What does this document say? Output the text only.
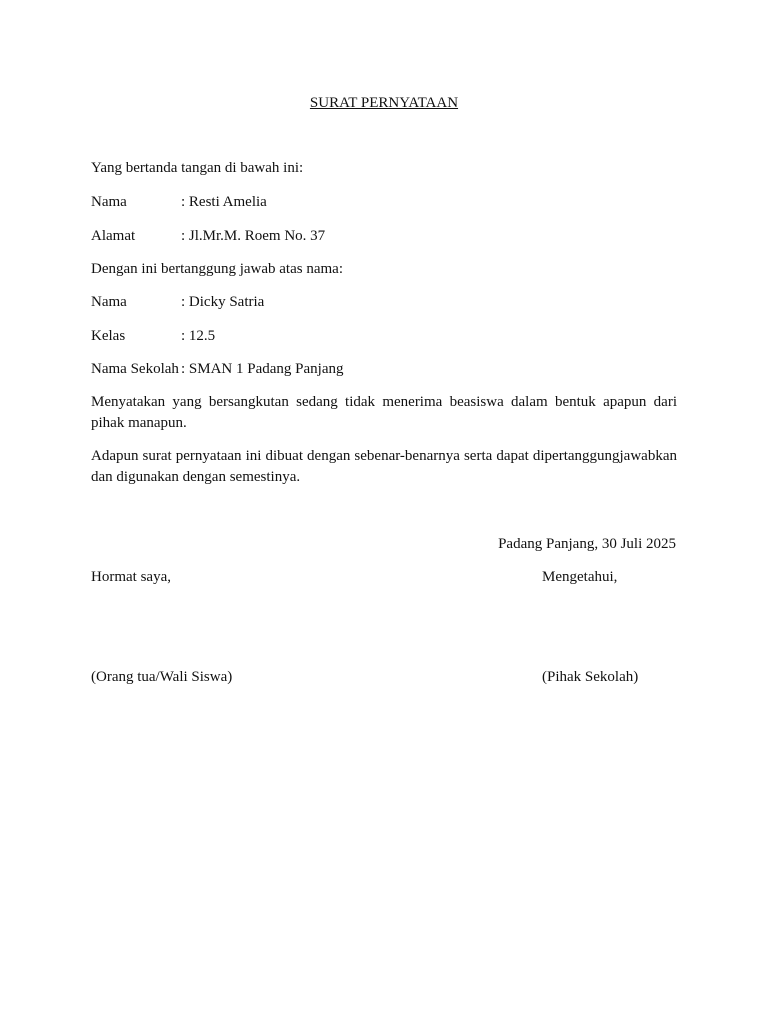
SURAT PERNYATAAN
Yang bertanda tangan di bawah ini:
Nama	: Resti Amelia
Alamat	: Jl.Mr.M. Roem No. 37
Dengan ini bertanggung jawab atas nama:
Nama	: Dicky Satria
Kelas	: 12.5
Nama Sekolah : SMAN 1 Padang Panjang
Menyatakan yang bersangkutan sedang tidak menerima beasiswa dalam bentuk apapun dari pihak manapun.
Adapun surat pernyataan ini dibuat dengan sebenar-benarnya serta dapat dipertanggungjawabkan dan digunakan dengan semestinya.
Padang Panjang, 30 Juli 2025
Hormat saya,	Mengetahui,
(Orang tua/Wali Siswa)	(Pihak Sekolah)
